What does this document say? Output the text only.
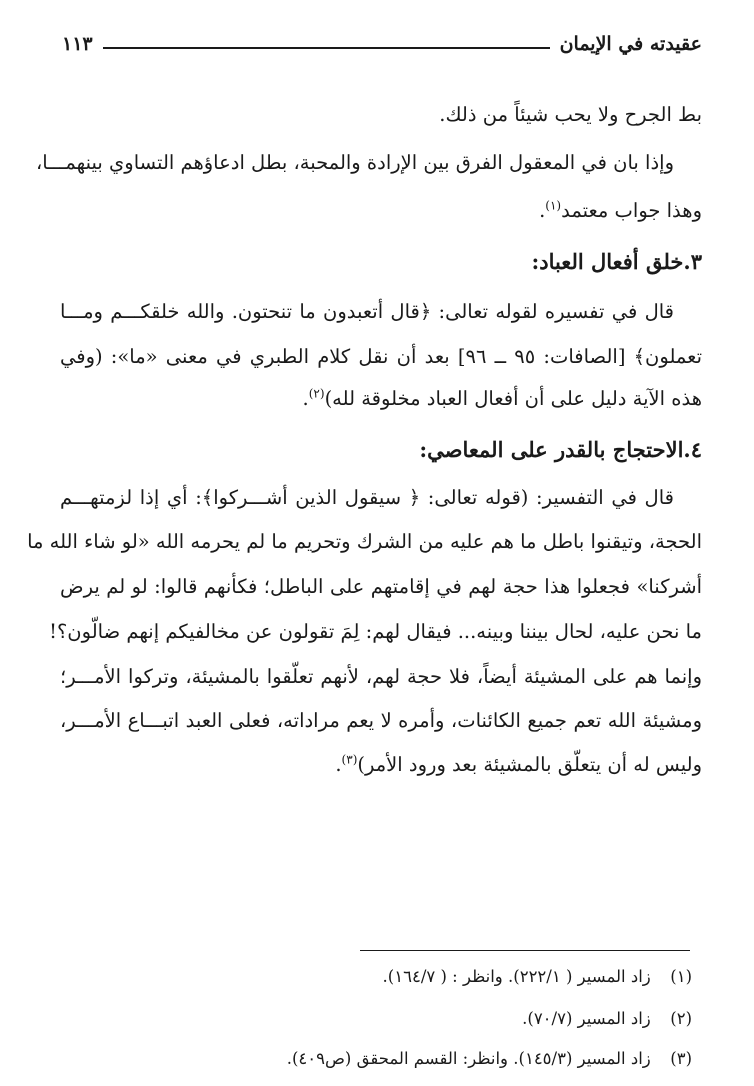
عقيدته في الإيمان
١١٣
بط الجرح ولا يحب شيئاً من ذلك.
وإذا بان في المعقول الفرق بين الإرادة والمحبة، بطل ادعاؤهم التساوي بينهمـــا،
وهذا جواب معتمد$^{(١)}$.
٣.خلق أفعال العباد:
قال في تفسيره لقوله تعالى: ﴿قال أتعبدون ما تنحتون. والله خلقكـــم ومـــا
تعملون﴾ [الصافات: ٩٥ ــ ٩٦] بعد أن نقل كلام الطبري في معنى «ما»: (وفي
هذه الآية دليل على أن أفعال العباد مخلوقة لله)$^{(٢)}$.
٤.الاحتجاج بالقدر على المعاصي:
قال في التفسير: (قوله تعالى: ﴿ سيقول الذين أشـــركوا﴾: أي إذا لزمتهـــم
الحجة، وتيقنوا باطل ما هم عليه من الشرك وتحريم ما لم يحرمه الله «لو شاء الله ما
أشركنا» فجعلوا هذا حجة لهم في إقامتهم على الباطل؛ فكأنهم قالوا: لو لم يرض
ما نحن عليه، لحال بيننا وبينه... فيقال لهم: لِمَ تقولون عن مخالفيكم إنهم ضالّون؟!
وإنما هم على المشيئة أيضاً، فلا حجة لهم، لأنهم تعلّقوا بالمشيئة، وتركوا الأمـــر؛
ومشيئة الله تعم جميع الكائنات، وأمره لا يعم مراداته، فعلى العبد اتبـــاع الأمـــر،
وليس له أن يتعلّق بالمشيئة بعد ورود الأمر)$^{(٣)}$.
(١) زاد المسير ( ٢٢٢/١). وانظر : ( ١٦٤/٧).
(٢) زاد المسير (٧٠/٧).
(٣) زاد المسير (١٤٥/٣). وانظر: القسم المحقق (ص٤٠٩).
